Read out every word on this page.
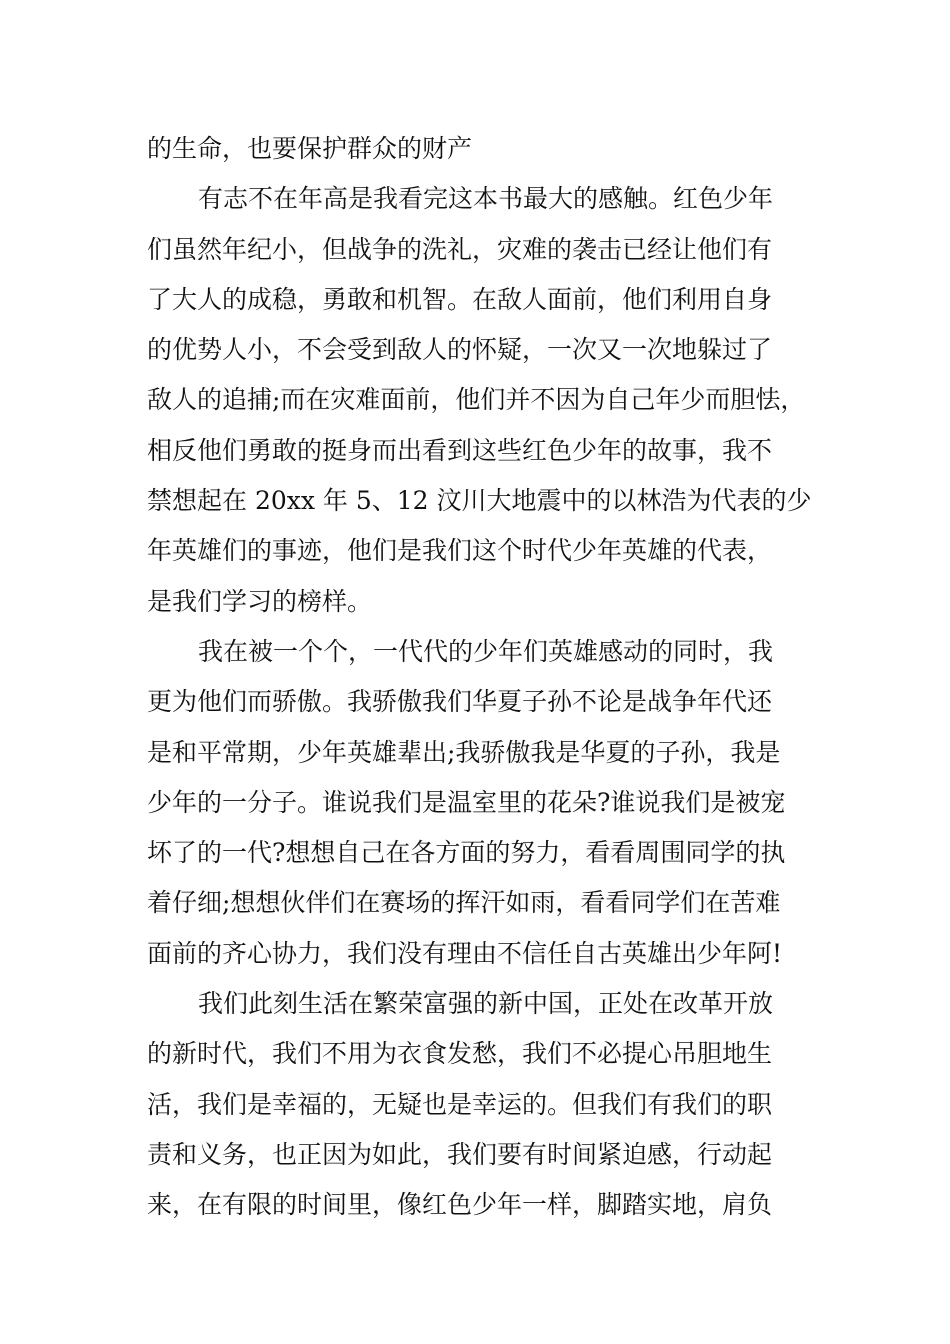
的生命，也要保护群众的财产
有志不在年高是我看完这本书最大的感触。红色少年
们虽然年纪小，但战争的洗礼，灾难的袭击已经让他们有
了大人的成稳，勇敢和机智。在敌人面前，他们利用自身
的优势人小，不会受到敌人的怀疑，一次又一次地躲过了
敌人的追捕;而在灾难面前，他们并不因为自己年少而胆怯，
相反他们勇敢的挺身而出看到这些红色少年的故事，我不
禁想起在 20xx 年 5、12 汶川大地震中的以林浩为代表的少
年英雄们的事迹，他们是我们这个时代少年英雄的代表，
是我们学习的榜样。
我在被一个个，一代代的少年们英雄感动的同时，我
更为他们而骄傲。我骄傲我们华夏子孙不论是战争年代还
是和平常期，少年英雄辈出;我骄傲我是华夏的子孙，我是
少年的一分子。谁说我们是温室里的花朵?谁说我们是被宠
坏了的一代?想想自己在各方面的努力，看看周围同学的执
着仔细;想想伙伴们在赛场的挥汗如雨，看看同学们在苦难
面前的齐心协力，我们没有理由不信任自古英雄出少年阿!
我们此刻生活在繁荣富强的新中国，正处在改革开放
的新时代，我们不用为衣食发愁，我们不必提心吊胆地生
活，我们是幸福的，无疑也是幸运的。但我们有我们的职
责和义务，也正因为如此，我们要有时间紧迫感，行动起
来，在有限的时间里，像红色少年一样，脚踏实地，肩负
